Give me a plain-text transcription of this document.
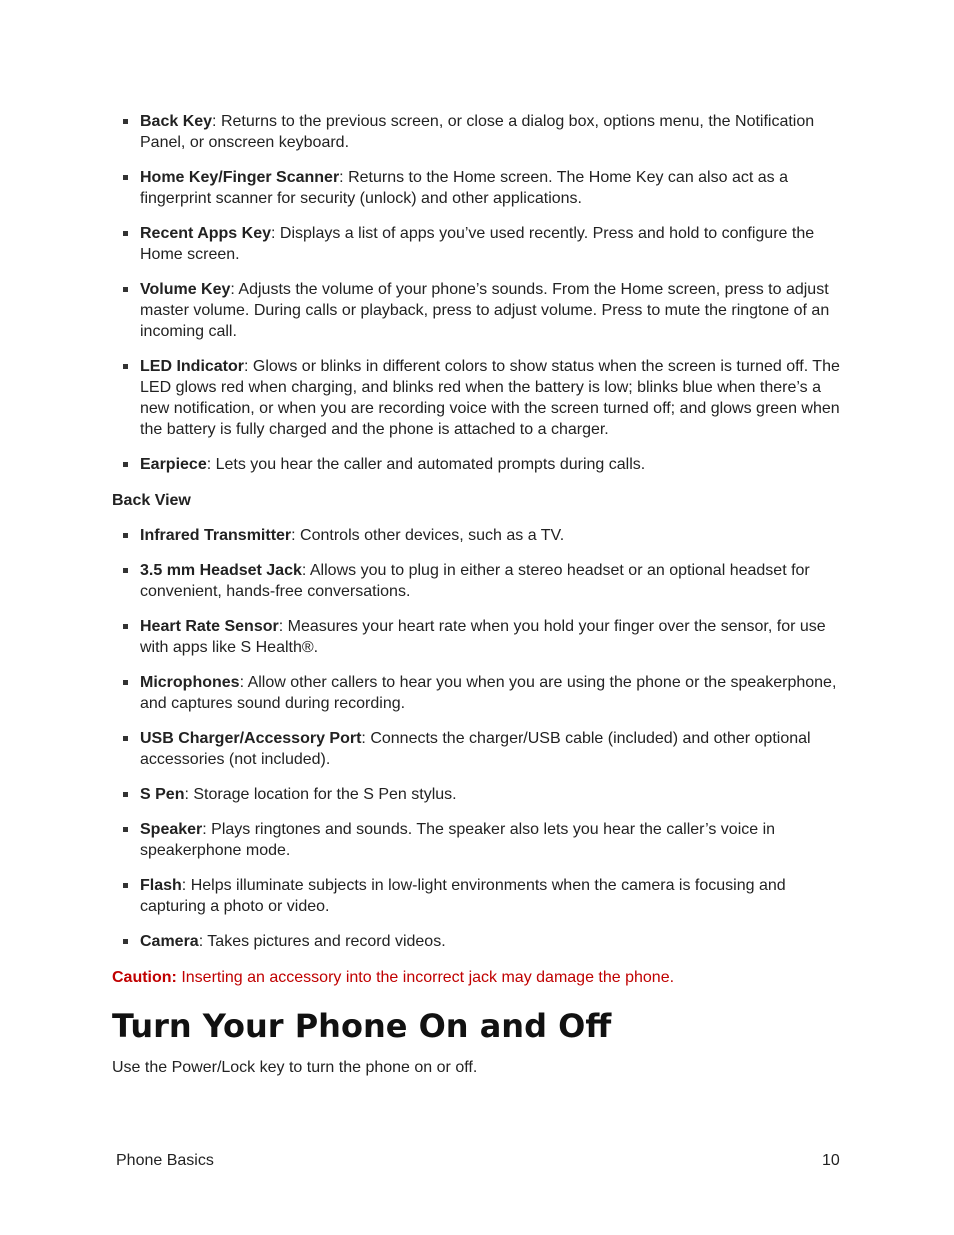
Back Key: Returns to the previous screen, or close a dialog box, options menu, the Notification Panel, or onscreen keyboard.
Home Key/Finger Scanner: Returns to the Home screen. The Home Key can also act as a fingerprint scanner for security (unlock) and other applications.
Recent Apps Key: Displays a list of apps you’ve used recently. Press and hold to configure the Home screen.
Volume Key: Adjusts the volume of your phone’s sounds. From the Home screen, press to adjust master volume. During calls or playback, press to adjust volume. Press to mute the ringtone of an incoming call.
LED Indicator: Glows or blinks in different colors to show status when the screen is turned off. The LED glows red when charging, and blinks red when the battery is low; blinks blue when there’s a new notification, or when you are recording voice with the screen turned off; and glows green when the battery is fully charged and the phone is attached to a charger.
Earpiece: Lets you hear the caller and automated prompts during calls.
Back View
Infrared Transmitter: Controls other devices, such as a TV.
3.5 mm Headset Jack: Allows you to plug in either a stereo headset or an optional headset for convenient, hands-free conversations.
Heart Rate Sensor: Measures your heart rate when you hold your finger over the sensor, for use with apps like S Health®.
Microphones: Allow other callers to hear you when you are using the phone or the speakerphone, and captures sound during recording.
USB Charger/Accessory Port: Connects the charger/USB cable (included) and other optional accessories (not included).
S Pen: Storage location for the S Pen stylus.
Speaker: Plays ringtones and sounds. The speaker also lets you hear the caller’s voice in speakerphone mode.
Flash: Helps illuminate subjects in low-light environments when the camera is focusing and capturing a photo or video.
Camera: Takes pictures and record videos.
Caution: Inserting an accessory into the incorrect jack may damage the phone.
Turn Your Phone On and Off
Use the Power/Lock key to turn the phone on or off.
Phone Basics	10
